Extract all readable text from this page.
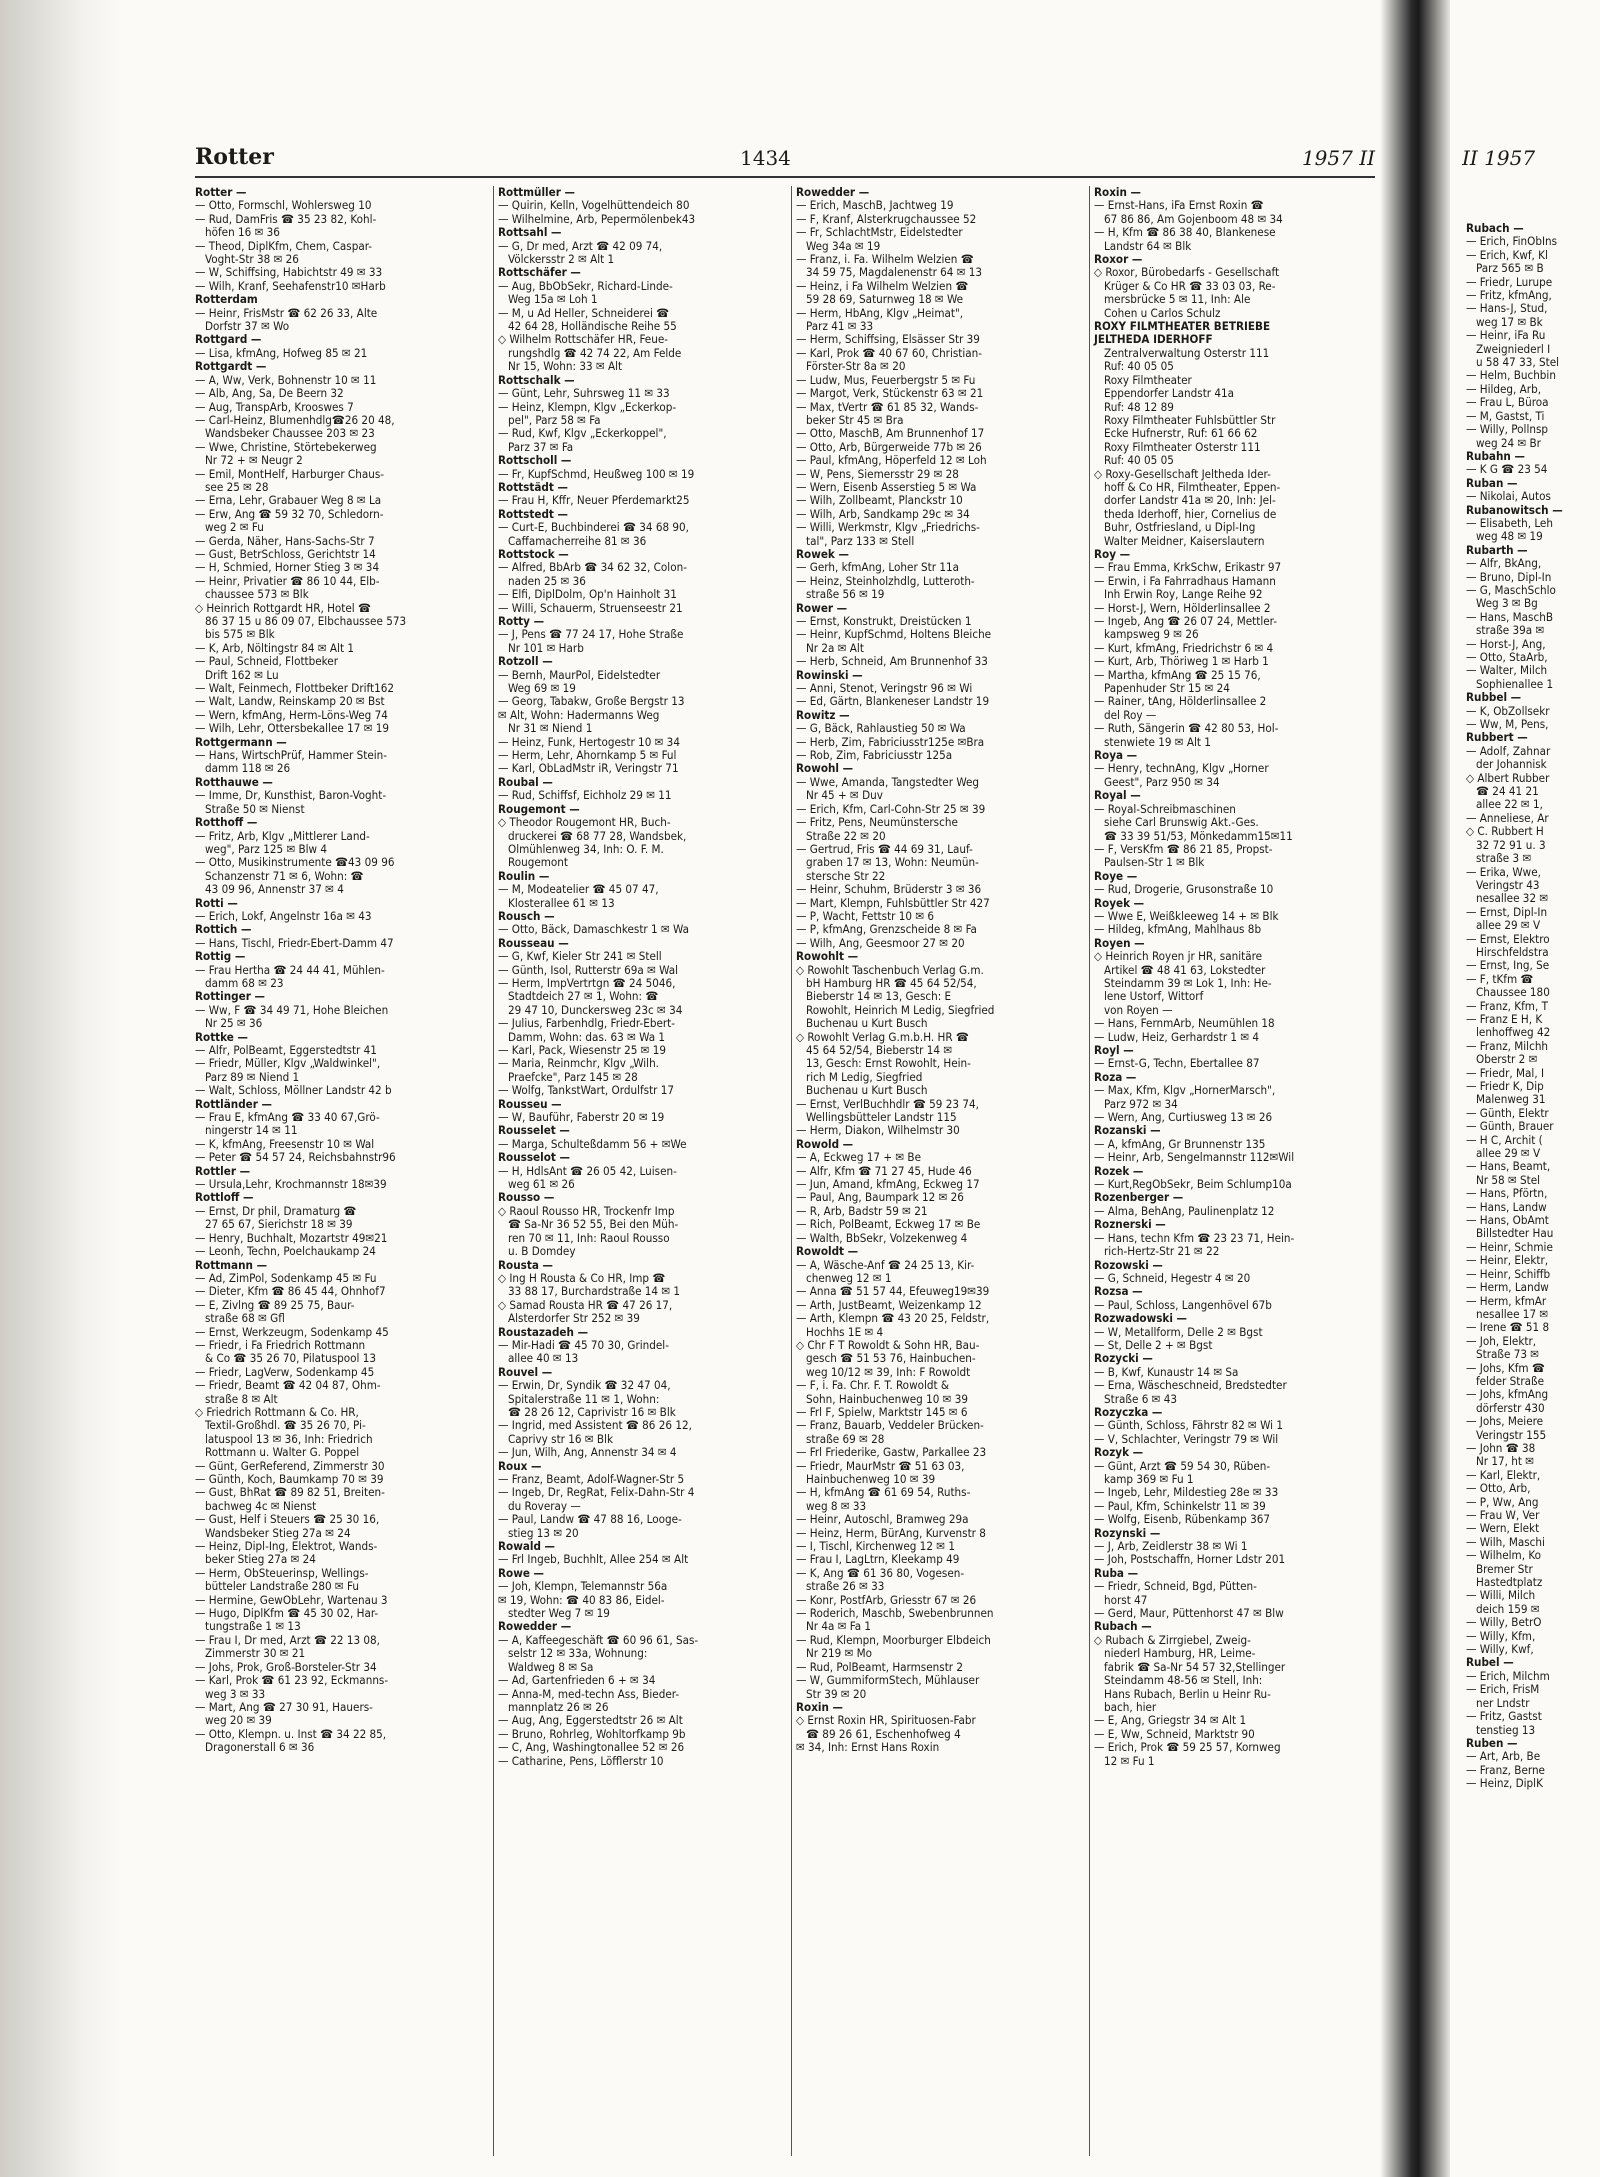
Rotter	1434	1957 II
Rotter —
— Otto, Formschl, Wohlersweg 10
— Rud, DamFris ☎ 35 23 82, Kohl-
höfen 16 ✉ 36
— Theod, DiplKfm, Chem, Caspar-
Voght-Str 38 ✉ 26
— W, Schiffsing, Habichtstr 49 ✉ 33
— Wilh, Kranf, Seehafenstr10 ✉Harb
Rotterdam
— Heinr, FrisMstr ☎ 62 26 33, Alte
Dorfstr 37 ✉ Wo
Rottgard —
— Lisa, kfmAng, Hofweg 85 ✉ 21
Rottgardt —
— A, Ww, Verk, Bohnenstr 10 ✉ 11
— Alb, Ang, Sa, De Beern 32
— Aug, TranspArb, Krooswes 7
— Carl-Heinz, Blumenhdlg☎26 20 48,
Wandsbeker Chaussee 203 ✉ 23
— Wwe, Christine, Störtebekerweg
Nr 72 + ✉ Neugr 2
— Emil, MontHelf, Harburger Chaus-
see 25 ✉ 28
— Erna, Lehr, Grabauer Weg 8 ✉ La
— Erw, Ang ☎ 59 32 70, Schledorn-
weg 2 ✉ Fu
— Gerda, Näher, Hans-Sachs-Str 7
— Gust, BetrSchloss, Gerichtstr 14
— H, Schmied, Horner Stieg 3 ✉ 34
— Heinr, Privatier ☎ 86 10 44, Elb-
chaussee 573 ✉ Blk
◇ Heinrich Rottgardt HR, Hotel ☎
86 37 15 u 86 09 07, Elbchaussee 573
bis 575 ✉ Blk
— K, Arb, Nöltingstr 84 ✉ Alt 1
— Paul, Schneid, Flottbeker
Drift 162 ✉ Lu
— Walt, Feinmech, Flottbeker Drift162
— Walt, Landw, Reinskamp 20 ✉ Bst
— Wern, kfmAng, Herm-Löns-Weg 74
— Wilh, Lehr, Ottersbekallee 17 ✉ 19
Rottgermann —
— Hans, WirtschPrüf, Hammer Stein-
damm 118 ✉ 26
Rotthauwe —
— Imme, Dr, Kunsthist, Baron-Voght-
Straße 50 ✉ Nienst
Rotthoff —
— Fritz, Arb, Klgv „Mittlerer Land-
weg", Parz 125 ✉ Blw 4
— Otto, Musikinstrumente ☎43 09 96
Schanzenstr 71 ✉ 6, Wohn: ☎
43 09 96, Annenstr 37 ✉ 4
Rotti —
— Erich, Lokf, Angelnstr 16a ✉ 43
Rottich —
— Hans, Tischl, Friedr-Ebert-Damm 47
Rottig —
— Frau Hertha ☎ 24 44 41, Mühlen-
damm 68 ✉ 23
Rottinger —
— Ww, F ☎ 34 49 71, Hohe Bleichen
Nr 25 ✉ 36
Rottke —
— Alfr, PolBeamt, Eggerstedtstr 41
— Friedr, Müller, Klgv „Waldwinkel",
Parz 89 ✉ Niend 1
— Walt, Schloss, Möllner Landstr 42 b
Rottländer —
— Frau E, kfmAng ☎ 33 40 67,Grö-
ningerstr 14 ✉ 11
— K, kfmAng, Freesenstr 10 ✉ Wal
— Peter ☎ 54 57 24, Reichsbahnstr96
Rottler —
— Ursula,Lehr, Krochmannstr 18✉39
Rottloff —
— Ernst, Dr phil, Dramaturg ☎
27 65 67, Sierichstr 18 ✉ 39
— Henry, Buchhalt, Mozartstr 49✉21
— Leonh, Techn, Poelchaukamp 24
Rottmann —
— Ad, ZimPol, Sodenkamp 45 ✉ Fu
— Dieter, Kfm ☎ 86 45 44, Ohnhof7
— E, Zivlng ☎ 89 25 75, Baur-
straße 68 ✉ Gfl
— Ernst, Werkzeugm, Sodenkamp 45
— Friedr, i Fa Friedrich Rottmann
& Co ☎ 35 26 70, Pilatuspool 13
— Friedr, LagVerw, Sodenkamp 45
— Friedr, Beamt ☎ 42 04 87, Ohm-
straße 8 ✉ Alt
◇ Friedrich Rottmann & Co. HR,
Textil-Großhdl. ☎ 35 26 70, Pi-
latuspool 13 ✉ 36, Inh: Friedrich
Rottmann u. Walter G. Poppel
— Günt, GerReferend, Zimmerstr 30
— Günth, Koch, Baumkamp 70 ✉ 39
— Gust, BhRat ☎ 89 82 51, Breiten-
bachweg 4c ✉ Nienst
— Gust, Helf i Steuers ☎ 25 30 16,
Wandsbeker Stieg 27a ✉ 24
— Heinz, Dipl-Ing, Elektrot, Wands-
beker Stieg 27a ✉ 24
— Herm, ObSteuerinsp, Wellings-
bütteler Landstraße 280 ✉ Fu
— Hermine, GewObLehr, Wartenau 3
— Hugo, DiplKfm ☎ 45 30 02, Har-
tungstraße 1 ✉ 13
— Frau I, Dr med, Arzt ☎ 22 13 08,
Zimmerstr 30 ✉ 21
— Johs, Prok, Groß-Borsteler-Str 34
— Karl, Prok ☎ 61 23 92, Eckmanns-
weg 3 ✉ 33
— Mart, Ang ☎ 27 30 91, Hauers-
weg 20 ✉ 39
— Otto, Klempn. u. Inst ☎ 34 22 85,
Dragonerstall 6 ✉ 36
Rottmüller —
— Quirin, Kelln, Vogelhüttendeich 80
— Wilhelmine, Arb, Pepermölenbek43
Rottsahl —
— G, Dr med, Arzt ☎ 42 09 74,
Völckersstr 2 ✉ Alt 1
Rottschäfer —
— Aug, BbObSekr, Richard-Linde-
Weg 15a ✉ Loh 1
— M, u Ad Heller, Schneiderei ☎
42 64 28, Holländische Reihe 55
◇ Wilhelm Rottschäfer HR, Feue-
rungshdlg ☎ 42 74 22, Am Felde
Nr 15, Wohn: 33 ✉ Alt
Rottschalk —
— Günt, Lehr, Suhrsweg 11 ✉ 33
— Heinz, Klempn, Klgv „Eckerkop-
pel", Parz 58 ✉ Fa
— Rud, Kwf, Klgv „Eckerkoppel",
Parz 37 ✉ Fa
Rottscholl —
— Fr, KupfSchmd, Heußweg 100 ✉ 19
Rottstädt —
— Frau H, Kffr, Neuer Pferdemarkt25
Rottstedt —
— Curt-E, Buchbinderei ☎ 34 68 90,
Caffamacherreihe 81 ✉ 36
Rottstock —
— Alfred, BbArb ☎ 34 62 32, Colon-
naden 25 ✉ 36
— Elfi, DiplDolm, Op'n Hainholt 31
— Willi, Schauerm, Struenseestr 21
Rotty —
— J, Pens ☎ 77 24 17, Hohe Straße
Nr 101 ✉ Harb
Rotzoll —
— Bernh, MaurPol, Eidelstedter
Weg 69 ✉ 19
— Georg, Tabakw, Große Bergstr 13
✉ Alt, Wohn: Hadermanns Weg
Nr 31 ✉ Niend 1
— Heinz, Funk, Hertogestr 10 ✉ 34
— Herm, Lehr, Ahornkamp 5 ✉ Ful
— Karl, ObLadMstr iR, Veringstr 71
Roubal —
— Rud, Schiffsf, Eichholz 29 ✉ 11
Rougemont —
◇ Theodor Rougemont HR, Buch-
druckerei ☎ 68 77 28, Wandsbek,
Olmühlenweg 34, Inh: O. F. M.
Rougemont
Roulin —
— M, Modeatelier ☎ 45 07 47,
Klosterallee 61 ✉ 13
Rousch —
— Otto, Bäck, Damaschkestr 1 ✉ Wa
Rousseau —
— G, Kwf, Kieler Str 241 ✉ Stell
— Günth, Isol, Rutterstr 69a ✉ Wal
— Herm, ImpVertrtgn ☎ 24 5046,
Stadtdeich 27 ✉ 1, Wohn: ☎
29 47 10, Dunckersweg 23c ✉ 34
— Julius, Farbenhdlg, Friedr-Ebert-
Damm, Wohn: das. 63 ✉ Wa 1
— Karl, Pack, Wiesenstr 25 ✉ 19
— Maria, Reinmchr, Klgv „Wilh.
Praefcke", Parz 145 ✉ 28
— Wolfg, TankstWart, Ordulfstr 17
Rousseu —
— W, Bauführ, Faberstr 20 ✉ 19
Rousselet —
— Marga, Schulteßdamm 56 + ✉We
Rousselot —
— H, HdlsAnt ☎ 26 05 42, Luisen-
weg 61 ✉ 26
Rousso —
◇ Raoul Rousso HR, Trockenfr Imp
☎ Sa-Nr 36 52 55, Bei den Müh-
ren 70 ✉ 11, Inh: Raoul Rousso
u. B Domdey
Rousta —
◇ Ing H Rousta & Co HR, Imp ☎
33 88 17, Burchardstraße 14 ✉ 1
◇ Samad Rousta HR ☎ 47 26 17,
Alsterdorfer Str 252 ✉ 39
Roustazadeh —
— Mir-Hadi ☎ 45 70 30, Grindel-
allee 40 ✉ 13
Rouvel —
— Erwin, Dr, Syndik ☎ 32 47 04,
Spitalerstraße 11 ✉ 1, Wohn:
☎ 28 26 12, Caprivistr 16 ✉ Blk
— Ingrid, med Assistent ☎ 86 26 12,
Caprivy str 16 ✉ Blk
— Jun, Wilh, Ang, Annenstr 34 ✉ 4
Roux —
— Franz, Beamt, Adolf-Wagner-Str 5
— Ingeb, Dr, RegRat, Felix-Dahn-Str 4
du Roveray —
— Paul, Landw ☎ 47 88 16, Looge-
stieg 13 ✉ 20
Rowald —
— Frl Ingeb, Buchhlt, Allee 254 ✉ Alt
Rowe —
— Joh, Klempn, Telemannstr 56a
✉ 19, Wohn: ☎ 40 83 86, Eidel-
stedter Weg 7 ✉ 19
Rowedder —
— A, Kaffeegeschäft ☎ 60 96 61, Sas-
selstr 12 ✉ 33a, Wohnung:
Waldweg 8 ✉ Sa
— Ad, Gartenfrieden 6 + ✉ 34
— Anna-M, med-techn Ass, Bieder-
mannplatz 26 ✉ 26
— Aug, Ang, Eggerstedtstr 26 ✉ Alt
— Bruno, Rohrleg, Wohltorfkamp 9b
— C, Ang, Washingtonallee 52 ✉ 26
— Catharine, Pens, Löfflerstr 10
Rowedder —
— Erich, MaschB, Jachtweg 19
— F, Kranf, Alsterkrugchaussee 52
— Fr, SchlachtMstr, Eidelstedter
Weg 34a ✉ 19
— Franz, i. Fa. Wilhelm Welzien ☎
34 59 75, Magdalenenstr 64 ✉ 13
— Heinz, i Fa Wilhelm Welzien ☎
59 28 69, Saturnweg 18 ✉ We
— Herm, HbAng, Klgv „Heimat",
Parz 41 ✉ 33
— Herm, Schiffsing, Elsässer Str 39
— Karl, Prok ☎ 40 67 60, Christian-
Förster-Str 8a ✉ 20
— Ludw, Mus, Feuerbergstr 5 ✉ Fu
— Margot, Verk, Stückenstr 63 ✉ 21
— Max, tVertr ☎ 61 85 32, Wands-
beker Str 45 ✉ Bra
— Otto, MaschB, Am Brunnenhof 17
— Otto, Arb, Bürgerweide 77b ✉ 26
— Paul, kfmAng, Höperfeld 12 ✉ Loh
— W, Pens, Siemersstr 29 ✉ 28
— Wern, Eisenb Asserstieg 5 ✉ Wa
— Wilh, Zollbeamt, Planckstr 10
— Wilh, Arb, Sandkamp 29c ✉ 34
— Willi, Werkmstr, Klgv „Friedrichs-
tal", Parz 133 ✉ Stell
Rowek —
— Gerh, kfmAng, Loher Str 11a
— Heinz, Steinholzhdlg, Lutteroth-
straße 56 ✉ 19
Rower —
— Ernst, Konstrukt, Dreistücken 1
— Heinr, KupfSchmd, Holtens Bleiche
Nr 2a ✉ Alt
— Herb, Schneid, Am Brunnenhof 33
Rowinski —
— Anni, Stenot, Veringstr 96 ✉ Wi
— Ed, Gärtn, Blankeneser Landstr 19
Rowitz —
— G, Bäck, Rahlaustieg 50 ✉ Wa
— Herb, Zim, Fabriciusstr125e ✉Bra
— Rob, Zim, Fabriciusstr 125a
Rowohl —
— Wwe, Amanda, Tangstedter Weg
Nr 45 + ✉ Duv
— Erich, Kfm, Carl-Cohn-Str 25 ✉ 39
— Fritz, Pens, Neumünstersche
Straße 22 ✉ 20
— Gertrud, Fris ☎ 44 69 31, Lauf-
graben 17 ✉ 13, Wohn: Neumün-
stersche Str 22
— Heinr, Schuhm, Brüderstr 3 ✉ 36
— Mart, Klempn, Fuhlsbüttler Str 427
— P, Wacht, Fettstr 10 ✉ 6
— P, kfmAng, Grenzscheide 8 ✉ Fa
— Wilh, Ang, Geesmoor 27 ✉ 20
Rowohlt —
◇ Rowohlt Taschenbuch Verlag G.m.
bH Hamburg HR ☎ 45 64 52/54,
Bieberstr 14 ✉ 13, Gesch: E
Rowohlt, Heinrich M Ledig, Siegfried
Buchenau u Kurt Busch
◇ Rowohlt Verlag G.m.b.H. HR ☎
45 64 52/54, Bieberstr 14 ✉
13, Gesch: Ernst Rowohlt, Hein-
rich M Ledig, Siegfried
Buchenau u Kurt Busch
— Ernst, VerlBuchhdlr ☎ 59 23 74,
Wellingsbütteler Landstr 115
— Herm, Diakon, Wilhelmstr 30
Rowold —
— A, Eckweg 17 + ✉ Be
— Alfr, Kfm ☎ 71 27 45, Hude 46
— Jun, Amand, kfmAng, Eckweg 17
— Paul, Ang, Baumpark 12 ✉ 26
— R, Arb, Badstr 59 ✉ 21
— Rich, PolBeamt, Eckweg 17 ✉ Be
— Walth, BbSekr, Volzekenweg 4
Rowoldt —
— A, Wäsche-Anf ☎ 24 25 13, Kir-
chenweg 12 ✉ 1
— Anna ☎ 51 57 44, Efeuweg19✉39
— Arth, JustBeamt, Weizenkamp 12
— Arth, Klempn ☎ 43 20 25, Feldstr,
Hochhs 1E ✉ 4
◇ Chr F T Rowoldt & Sohn HR, Bau-
gesch ☎ 51 53 76, Hainbuchen-
weg 10/12 ✉ 39, Inh: F Rowoldt
— F, i. Fa. Chr. F. T. Rowoldt &
Sohn, Hainbuchenweg 10 ✉ 39
— Frl F, Spielw, Marktstr 145 ✉ 6
— Franz, Bauarb, Veddeler Brücken-
straße 69 ✉ 28
— Frl Friederike, Gastw, Parkallee 23
— Friedr, MaurMstr ☎ 51 63 03,
Hainbuchenweg 10 ✉ 39
— H, kfmAng ☎ 61 69 54, Ruths-
weg 8 ✉ 33
— Heinr, Autoschl, Bramweg 29a
— Heinz, Herm, BürAng, Kurvenstr 8
— I, Tischl, Kirchenweg 12 ✉ 1
— Frau I, LagLtrn, Kleekamp 49
— K, Ang ☎ 61 36 80, Vogesen-
straße 26 ✉ 33
— Konr, PostfArb, Griesstr 67 ✉ 26
— Roderich, Maschb, Swebenbrunnen
Nr 4a ✉ Fa 1
— Rud, Klempn, Moorburger Elbdeich
Nr 219 ✉ Mo
— Rud, PolBeamt, Harmsenstr 2
— W, GummiformStech, Mühlauser
Str 39 ✉ 20
Roxin —
◇ Ernst Roxin HR, Spirituosen-Fabr
☎ 89 26 61, Eschenhofweg 4
✉ 34, Inh: Ernst Hans Roxin
Roxin —
— Ernst-Hans, iFa Ernst Roxin ☎
67 86 86, Am Gojenboom 48 ✉ 34
— H, Kfm ☎ 86 38 40, Blankenese
Landstr 64 ✉ Blk
Roxor —
◇ Roxor, Bürobedarfs - Gesellschaft
Krüger & Co HR ☎ 33 03 03, Re-
mersbrücke 5 ✉ 11, Inh: Ale
Cohen u Carlos Schulz
ROXY FILMTHEATER BETRIEBE
JELTHEDA IDERHOFF
Zentralverwaltung Osterstr 111
Ruf: 40 05 05
Roxy Filmtheater
Eppendorfer Landstr 41a
Ruf: 48 12 89
Roxy Filmtheater Fuhlsbüttler Str
Ecke Hufnerstr, Ruf: 61 66 62
Roxy Filmtheater Osterstr 111
Ruf: 40 05 05
◇ Roxy-Gesellschaft Jeltheda Ider-
hoff & Co HR, Filmtheater, Eppen-
dorfer Landstr 41a ✉ 20, Inh: Jel-
theda Iderhoff, hier, Cornelius de
Buhr, Ostfriesland, u Dipl-Ing
Walter Meidner, Kaiserslautern
Roy —
— Frau Emma, KrkSchw, Erikastr 97
— Erwin, i Fa Fahrradhaus Hamann
Inh Erwin Roy, Lange Reihe 92
— Horst-J, Wern, Hölderlinsallee 2
— Ingeb, Ang ☎ 26 07 24, Mettler-
kampsweg 9 ✉ 26
— Kurt, kfmAng, Friedrichstr 6 ✉ 4
— Kurt, Arb, Thöriweg 1 ✉ Harb 1
— Martha, kfmAng ☎ 25 15 76,
Papenhuder Str 15 ✉ 24
— Rainer, tAng, Hölderlinsallee 2
del Roy —
— Ruth, Sängerin ☎ 42 80 53, Hol-
stenwiete 19 ✉ Alt 1
Roya —
— Henry, technAng, Klgv „Horner
Geest", Parz 950 ✉ 34
Royal —
— Royal-Schreibmaschinen
siehe Carl Brunswig Akt.-Ges.
☎ 33 39 51/53, Mönkedamm15✉11
— F, VersKfm ☎ 86 21 85, Propst-
Paulsen-Str 1 ✉ Blk
Roye —
— Rud, Drogerie, Grusonstraße 10
Royek —
— Wwe E, Weißkleeweg 14 + ✉ Blk
— Hildeg, kfmAng, Mahlhaus 8b
Royen —
◇ Heinrich Royen jr HR, sanitäre
Artikel ☎ 48 41 63, Lokstedter
Steindamm 39 ✉ Lok 1, Inh: He-
lene Ustorf, Wittorf
von Royen —
— Hans, FernmArb, Neumühlen 18
— Ludw, Heiz, Gerhardstr 1 ✉ 4
Royl —
— Ernst-G, Techn, Ebertallee 87
Roza —
— Max, Kfm, Klgv „HornerMarsch",
Parz 972 ✉ 34
— Wern, Ang, Curtiusweg 13 ✉ 26
Rozanski —
— A, kfmAng, Gr Brunnenstr 135
— Heinr, Arb, Sengelmannstr 112✉Wil
Rozek —
— Kurt,RegObSekr, Beim Schlump10a
Rozenberger —
— Alma, BehAng, Paulinenplatz 12
Roznerski —
— Hans, techn Kfm ☎ 23 23 71, Hein-
rich-Hertz-Str 21 ✉ 22
Rozowski —
— G, Schneid, Hegestr 4 ✉ 20
Rozsa —
— Paul, Schloss, Langenhövel 67b
Rozwadowski —
— W, Metallform, Delle 2 ✉ Bgst
— St, Delle 2 + ✉ Bgst
Rozycki —
— B, Kwf, Kunaustr 14 ✉ Sa
— Erna, Wäscheschneid, Bredstedter
Straße 6 ✉ 43
Rozyczka —
— Günth, Schloss, Fährstr 82 ✉ Wi 1
— V, Schlachter, Veringstr 79 ✉ Wil
Rozyk —
— Günt, Arzt ☎ 59 54 30, Rüben-
kamp 369 ✉ Fu 1
— Ingeb, Lehr, Mildestieg 28e ✉ 33
— Paul, Kfm, Schinkelstr 11 ✉ 39
— Wolfg, Eisenb, Rübenkamp 367
Rozynski —
— J, Arb, Zeidlerstr 38 ✉ Wi 1
— Joh, Postschaffn, Horner Ldstr 201
Ruba —
— Friedr, Schneid, Bgd, Pütten-
horst 47
— Gerd, Maur, Püttenhorst 47 ✉ Blw
Rubach —
◇ Rubach & Zirrgiebel, Zweig-
niederl Hamburg, HR, Leime-
fabrik ☎ Sa-Nr 54 57 32,Stellinger
Steindamm 48-56 ✉ Stell, Inh:
Hans Rubach, Berlin u Heinr Ru-
bach, hier
— E, Ang, Griegstr 34 ✉ Alt 1
— E, Ww, Schneid, Marktstr 90
— Erich, Prok ☎ 59 25 57, Kornweg
12 ✉ Fu 1
II 1957
Rubach —
— Erich, FinObIns
— Erich, Kwf, Kl
Parz 565 ✉ B
— Friedr, Lurupe
— Fritz, kfmAng,
— Hans-J, Stud,
weg 17 ✉ Bk
— Heinr, iFa Ru
Zweigniederl I
u 58 47 33, Stel
— Helm, Buchbin
— Hildeg, Arb,
— Frau L, Büroa
— M, Gastst, Ti
— Willy, Pollnsp
weg 24 ✉ Br
Rubahn —
— K G ☎ 23 54
Ruban —
— Nikolai, Autos
Rubanowitsch —
— Elisabeth, Leh
weg 48 ✉ 19
Rubarth —
— Alfr, BkAng,
— Bruno, Dipl-In
— G, MaschSchlo
Weg 3 ✉ Bg
— Hans, MaschB
straße 39a ✉
— Horst-J, Ang,
— Otto, StaArb,
— Walter, Milch
Sophienallee 1
Rubbel —
— K, ObZollsekr
— Ww, M, Pens,
Rubbert —
— Adolf, Zahnar
der Johannisk
◇ Albert Rubber
☎ 24 41 21
allee 22 ✉ 1,
— Anneliese, Ar
◇ C. Rubbert H
32 72 91 u. 3
straße 3 ✉
— Erika, Wwe,
Veringstr 43
nesallee 32 ✉
— Ernst, Dipl-In
allee 29 ✉ V
— Ernst, Elektro
Hirschfeldstra
— Ernst, Ing, Se
— F, tKfm ☎
Chaussee 180
— Franz, Kfm, T
— Franz E H, K
lenhoffweg 42
— Franz, Milchh
Oberstr 2 ✉
— Friedr, Mal, I
— Friedr K, Dip
Malenweg 31
— Günth, Elektr
— Günth, Brauer
— H C, Archit (
allee 29 ✉ V
— Hans, Beamt,
Nr 58 ✉ Stel
— Hans, Pförtn,
— Hans, Landw
— Hans, ObAmt
Billstedter Hau
— Heinr, Schmie
— Heinr, Elektr,
— Heinr, Schiffb
— Herm, Landw
— Herm, kfmAr
nesallee 17 ✉
— Irene ☎ 51 8
— Joh, Elektr,
Straße 73 ✉
— Johs, Kfm ☎
felder Straße
— Johs, kfmAng
dörferstr 430
— Johs, Meiere
Veringstr 155
— John ☎ 38
Nr 17, ht ✉
— Karl, Elektr,
— Otto, Arb,
— P, Ww, Ang
— Frau W, Ver
— Wern, Elekt
— Wilh, Maschi
— Wilhelm, Ko
Bremer Str
Hastedtplatz
— Willi, Milch
deich 159 ✉
— Willy, BetrO
— Willy, Kfm,
— Willy, Kwf,
Rubel —
— Erich, Milchm
— Erich, FrisM
ner Lndstr
— Fritz, Gastst
tenstieg 13
Ruben —
— Art, Arb, Be
— Franz, Berne
— Heinz, DiplK
